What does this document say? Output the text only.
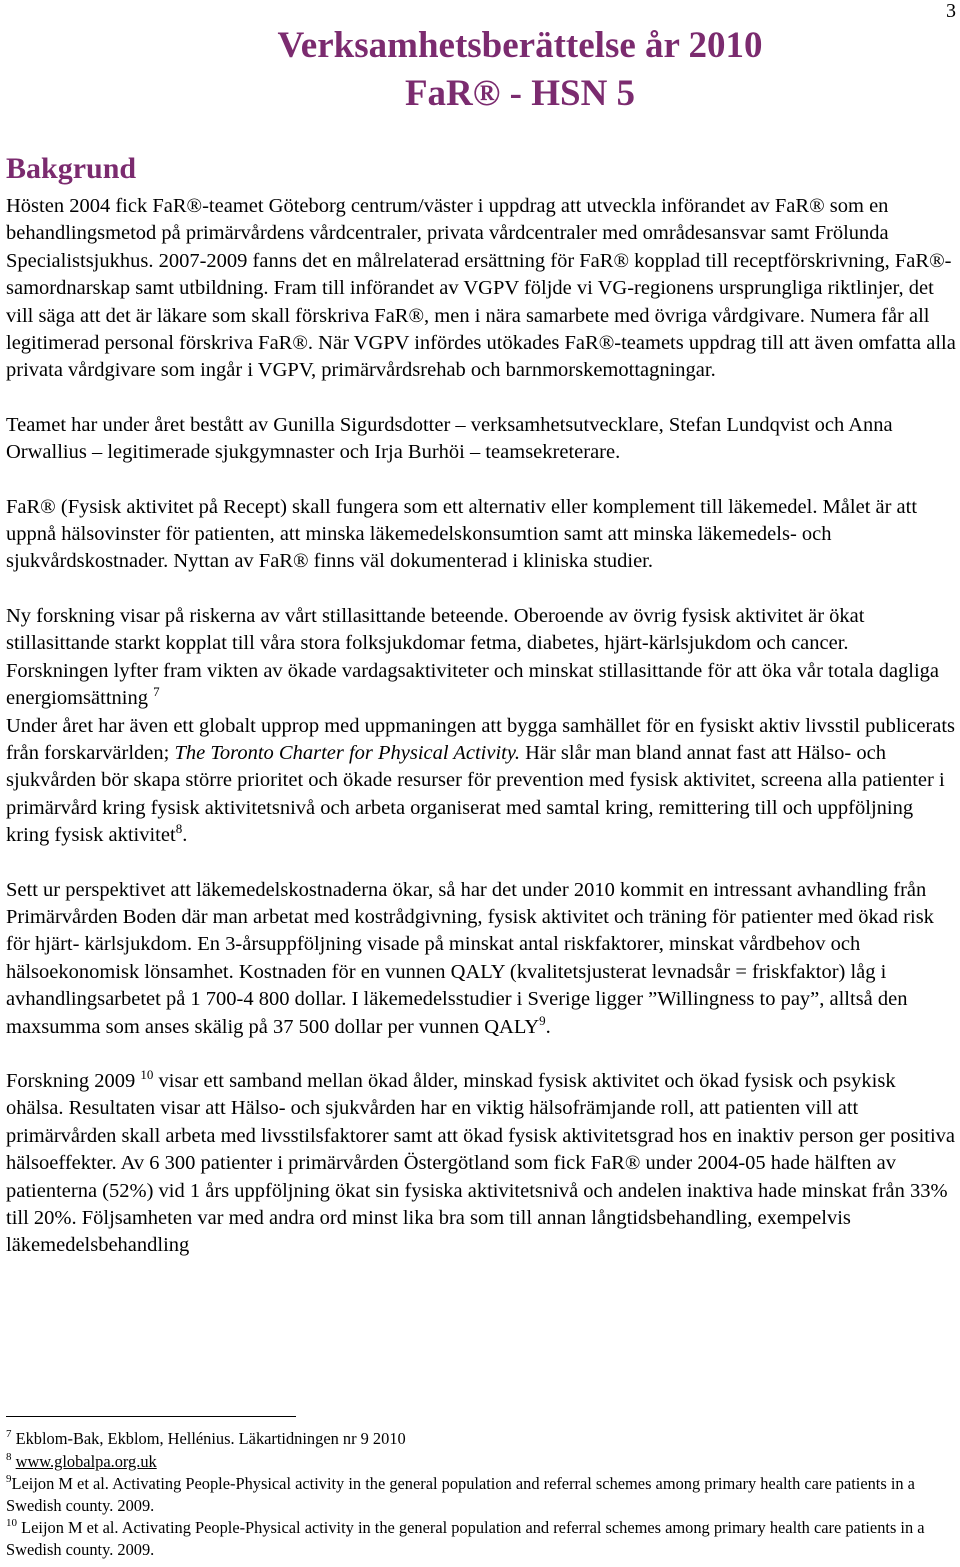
3
Verksamhetsberättelse år 2010
FaR® - HSN 5
Bakgrund

Hösten 2004 fick FaR®-teamet Göteborg centrum/väster i uppdrag att utveckla införandet av FaR® som en behandlingsmetod på primärvårdens vårdcentraler, privata vårdcentraler med områdesansvar samt Frölunda Specialistsjukhus. 2007-2009 fanns det en målrelaterad ersättning för FaR® kopplad till receptförskrivning, FaR®-samordnarskap samt utbildning. Fram till införandet av VGPV följde vi VG-regionens ursprungliga riktlinjer, det vill säga att det är läkare som skall förskriva FaR®, men i nära samarbete med övriga vårdgivare. Numera får all legitimerad personal förskriva FaR®. När VGPV infördes utökades FaR®-teamets uppdrag till att även omfatta alla privata vårdgivare som ingår i VGPV, primärvårdsrehab och barnmorskemottagningar.

Teamet har under året bestått av Gunilla Sigurdsdotter – verksamhetsutvecklare, Stefan Lundqvist och Anna Orwallius – legitimerade sjukgymnaster och Irja Burhöi – teamsekreterare.

FaR® (Fysisk aktivitet på Recept) skall fungera som ett alternativ eller komplement till läkemedel. Målet är att uppnå hälsovinster för patienten, att minska läkemedelskonsumtion samt att minska läkemedels- och sjukvårdskostnader. Nyttan av FaR® finns väl dokumenterad i kliniska studier.

Ny forskning visar på riskerna av vårt stillasittande beteende. Oberoende av övrig fysisk aktivitet är ökat stillasittande starkt kopplat till våra stora folksjukdomar fetma, diabetes, hjärt-kärlsjukdom och cancer. Forskningen lyfter fram vikten av ökade vardagsaktiviteter och minskat stillasittande för att öka vår totala dagliga energiomsättning $^7$

Under året har även ett globalt upprop med uppmaningen att bygga samhället för en fysiskt aktiv livsstil publicerats från forskarvärlden; The Toronto Charter for Physical Activity. Här slår man bland annat fast att Hälso- och sjukvården bör skapa större prioritet och ökade resurser för prevention med fysisk aktivitet, screena alla patienter i primärvård kring fysisk aktivitetsnivå och arbeta organiserat med samtal kring, remittering till och uppföljning kring fysisk aktivitet$^8$.

Sett ur perspektivet att läkemedelskostnaderna ökar, så har det under 2010 kommit en intressant avhandling från Primärvården Boden där man arbetat med kostrådgivning, fysisk aktivitet och träning för patienter med ökad risk för hjärt- kärlsjukdom. En 3-årsuppföljning visade på minskat antal riskfaktorer, minskat vårdbehov och hälsoekonomisk lönsamhet. Kostnaden för en vunnen QALY (kvalitetsjusterat levnadsår = friskfaktor) låg i avhandlingsarbetet på 1 700-4 800 dollar. I läkemedelsstudier i Sverige ligger ”Willingness to pay”, alltså den maxsumma som anses skälig på 37 500 dollar per vunnen QALY$^9$.

Forskning 2009 $^{10}$ visar ett samband mellan ökad ålder, minskad fysisk aktivitet och ökad fysisk och psykisk ohälsa. Resultaten visar att Hälso- och sjukvården har en viktig hälsofrämjande roll, att patienten vill att primärvården skall arbeta med livsstilsfaktorer samt att ökad fysisk aktivitetsgrad hos en inaktiv person ger positiva hälsoeffekter. Av 6 300 patienter i primärvården Östergötland som fick FaR® under 2004-05 hade hälften av patienterna (52%) vid 1 års uppföljning ökat sin fysiska aktivitetsnivå och andelen inaktiva hade minskat från 33% till 20%. Följsamheten var med andra ord minst lika bra som till annan långtidsbehandling, exempelvis läkemedelsbehandling

$^7$ Ekblom-Bak, Ekblom, Hellénius. Läkartidningen nr 9 2010
$^8$ www.globalpa.org.uk
$^9$Leijon M et al. Activating People-Physical activity in the general population and referral schemes among primary health care patients in a Swedish county. 2009.
$^{10}$ Leijon M et al. Activating People-Physical activity in the general population and referral schemes among primary health care patients in a Swedish county. 2009.
